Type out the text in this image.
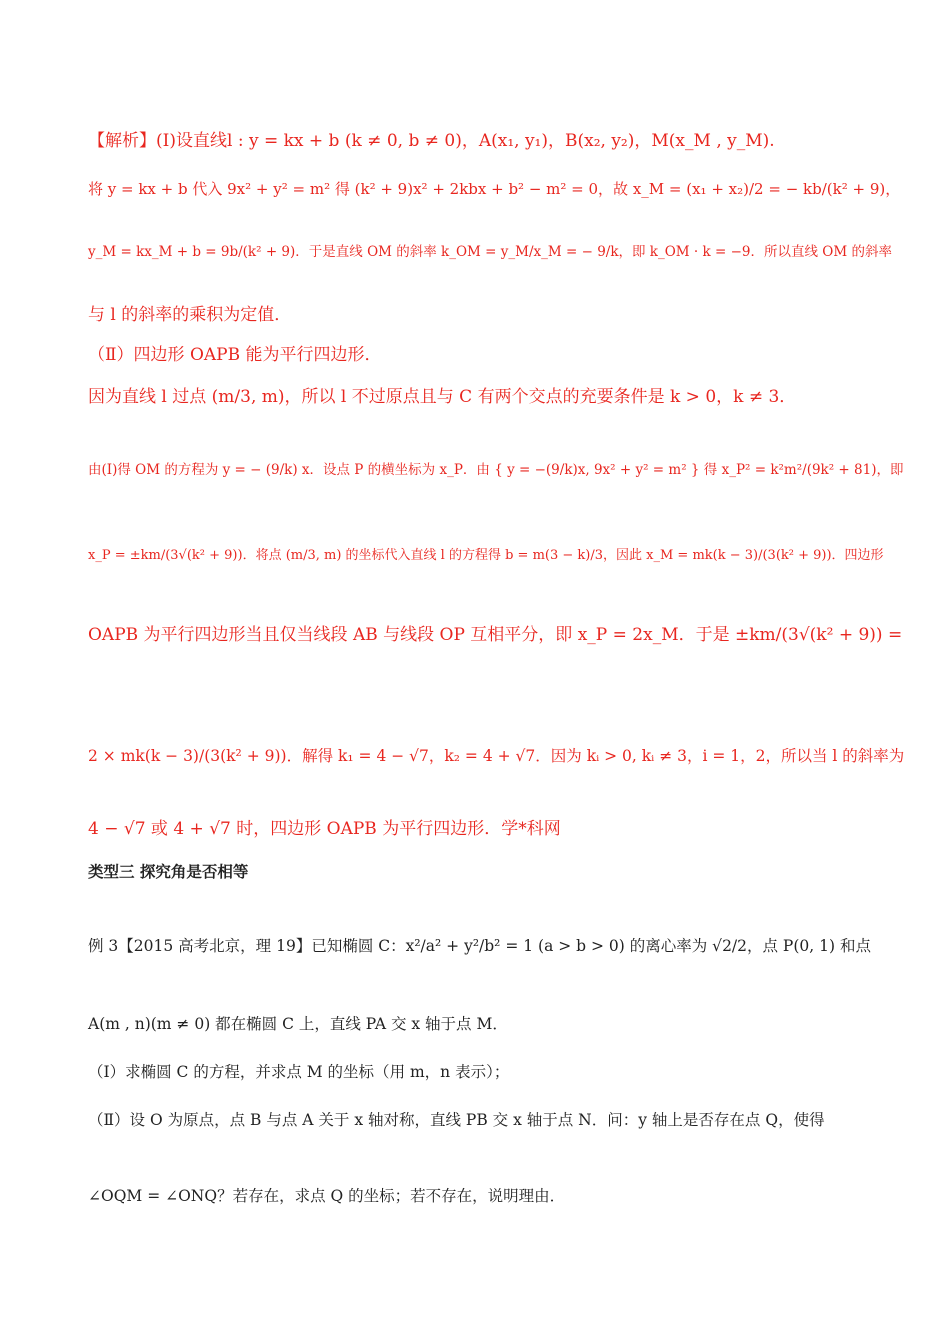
【解析】(Ⅰ)设直线l : y = kx + b (k ≠ 0, b ≠ 0)，A(x₁, y₁)，B(x₂, y₂)，M(x_M , y_M).
将 y = kx + b 代入 9x² + y² = m² 得 (k² + 9)x² + 2kbx + b² − m² = 0，故 x_M = (x₁ + x₂)/2 = − kb/(k² + 9)，
y_M = kx_M + b = 9b/(k² + 9)．于是直线 OM 的斜率 k_OM = y_M/x_M = − 9/k，即 k_OM · k = −9．所以直线 OM 的斜率
与 l 的斜率的乘积为定值．
（Ⅱ）四边形 OAPB 能为平行四边形．
因为直线 l 过点 (m/3, m)，所以 l 不过原点且与 C 有两个交点的充要条件是 k > 0，k ≠ 3．
由(Ⅰ)得 OM 的方程为 y = − (9/k) x．设点 P 的横坐标为 x_P．由 { y = −(9/k)x, 9x² + y² = m² } 得 x_P² = k²m²/(9k² + 81)，即
x_P = ±km/(3√(k² + 9))．将点 (m/3, m) 的坐标代入直线 l 的方程得 b = m(3 − k)/3，因此 x_M = mk(k − 3)/(3(k² + 9))．四边形
OAPB 为平行四边形当且仅当线段 AB 与线段 OP 互相平分，即 x_P = 2x_M．于是 ±km/(3√(k² + 9)) =
2 × mk(k − 3)/(3(k² + 9))．解得 k₁ = 4 − √7，k₂ = 4 + √7．因为 kᵢ > 0, kᵢ ≠ 3，i = 1，2，所以当 l 的斜率为
4 − √7 或 4 + √7 时，四边形 OAPB 为平行四边形．学*科网
类型三 探究角是否相等
例 3【2015 高考北京，理 19】已知椭圆 C：x²/a² + y²/b² = 1 (a > b > 0) 的离心率为 √2/2，点 P(0, 1) 和点
A(m , n)(m ≠ 0) 都在椭圆 C 上，直线 PA 交 x 轴于点 M．
（Ⅰ）求椭圆 C 的方程，并求点 M 的坐标（用 m，n 表示）；
（Ⅱ）设 O 为原点，点 B 与点 A 关于 x 轴对称，直线 PB 交 x 轴于点 N．问：y 轴上是否存在点 Q，使得
∠OQM = ∠ONQ？若存在，求点 Q 的坐标；若不存在，说明理由．
